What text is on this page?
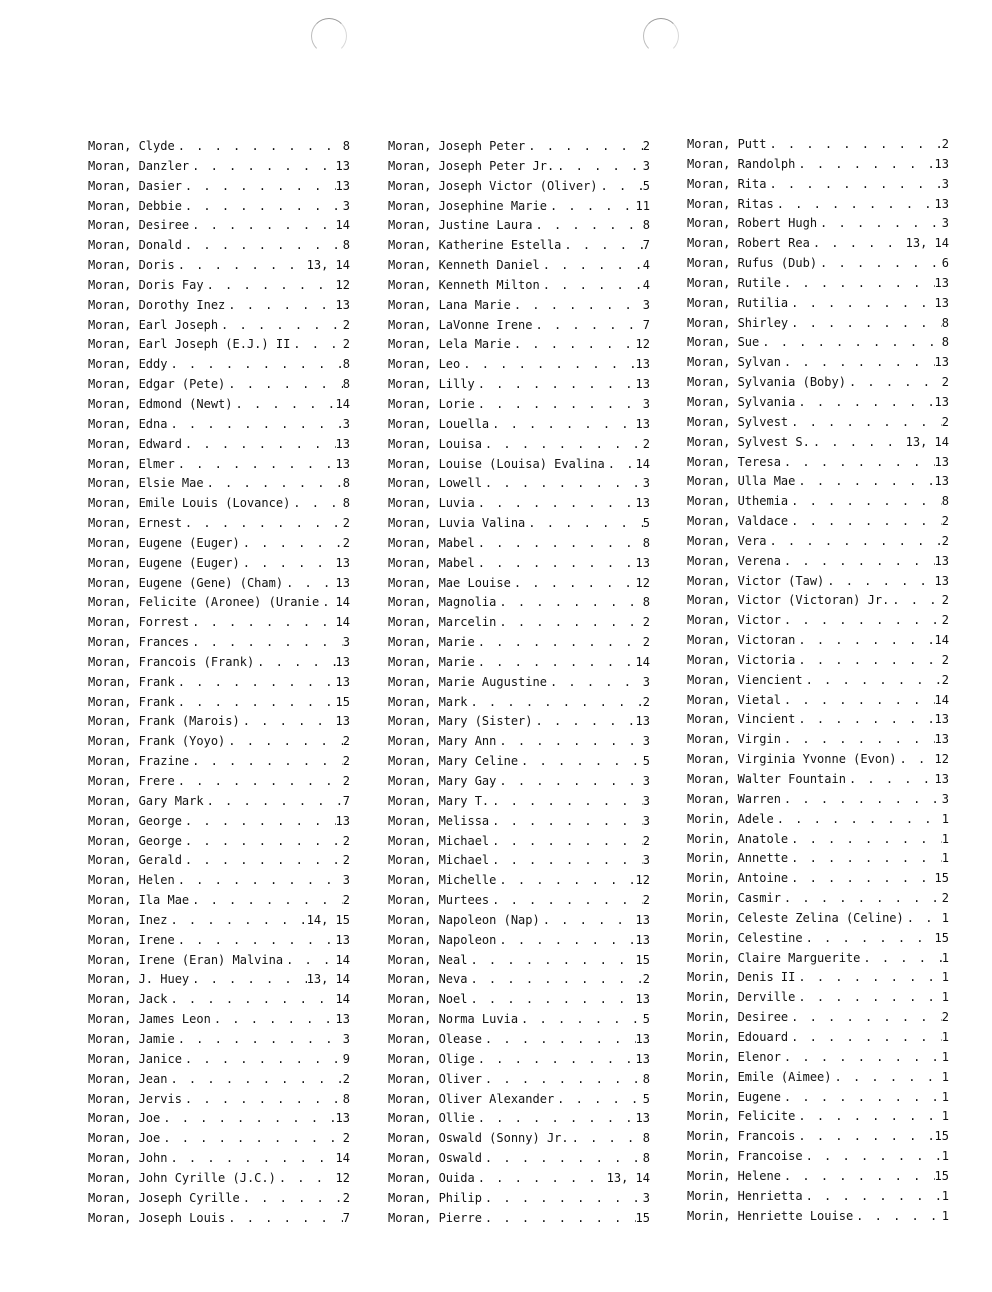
Moran, Clyde . . .	8
Moran, Danzler . . .	13
Moran, Dasier . . .	13
Moran, Debbie . . .	3
Moran, Desiree . . .	14
Moran, Donald . . .	8
Moran, Doris . . .	13, 14
Moran, Doris Fay . . .	12
Moran, Dorothy Inez . . .	13
Moran, Earl Joseph . . .	2
Moran, Earl Joseph (E.J.) II . . .	2
Moran, Eddy . . .	8
Moran, Edgar (Pete) . . .	8
Moran, Edmond (Newt) . . .	14
Moran, Edna . . .	3
Moran, Edward . . .	13
Moran, Elmer . . .	13
Moran, Elsie Mae . . .	8
Moran, Emile Louis (Lovance) . . .	8
Moran, Ernest . . .	2
Moran, Eugene (Euger) . . .	2
Moran, Eugene (Euger) . . .	13
Moran, Eugene (Gene) (Cham) . . .	13
Moran, Felicite (Aronee) (Uranie . . . 14
Moran, Forrest . . .	14
Moran, Frances . . .	3
Moran, Francois (Frank) . . .	13
Moran, Frank . . .	13
Moran, Frank . . .	15
Moran, Frank (Marois) . . .	13
Moran, Frank (Yoyo) . . .	2
Moran, Frazine . . .	2
Moran, Frere . . .	2
Moran, Gary Mark . . .	7
Moran, George . . .	13
Moran, George . . .	2
Moran, Gerald . . .	2
Moran, Helen . . .	3
Moran, Ila Mae . . .	2
Moran, Inez . . .	14, 15
Moran, Irene . . .	13
Moran, Irene (Eran) Malvina . . .	14
Moran, J. Huey . . .	13, 14
Moran, Jack . . .	14
Moran, James Leon . . .	13
Moran, Jamie . . .	3
Moran, Janice . . .	9
Moran, Jean . . .	2
Moran, Jervis . . .	8
Moran, Joe . . .	13
Moran, Joe . . .	2
Moran, John . . .	14
Moran, John Cyrille (J.C.) . . .	12
Moran, Joseph Cyrille . . .	2
Moran, Joseph Louis . . .	7
Moran, Joseph Peter . . .	2
Moran, Joseph Peter Jr. . . .	3
Moran, Joseph Victor (Oliver) . . .	5
Moran, Josephine Marie . . .	11
Moran, Justine Laura . . .	8
Moran, Katherine Estella . . .	7
Moran, Kenneth Daniel . . .	4
Moran, Kenneth Milton . . .	4
Moran, Lana Marie . . .	3
Moran, LaVonne Irene . . .	7
Moran, Lela Marie . . .	12
Moran, Leo . . .	13
Moran, Lilly . . .	13
Moran, Lorie . . .	3
Moran, Louella . . .	13
Moran, Louisa . . .	2
Moran, Louise (Louisa) Evalina . . .	14
Moran, Lowell . . .	3
Moran, Luvia . . .	13
Moran, Luvia Valina . . .	5
Moran, Mabel . . .	8
Moran, Mabel . . .	13
Moran, Mae Louise . . .	12
Moran, Magnolia . . .	8
Moran, Marcelin . . .	2
Moran, Marie . . .	2
Moran, Marie . . .	14
Moran, Marie Augustine . . .	3
Moran, Mark . . .	2
Moran, Mary (Sister) . . .	13
Moran, Mary Ann . . .	3
Moran, Mary Celine . . .	5
Moran, Mary Gay . . .	3
Moran, Mary T. . . .	3
Moran, Melissa . . .	3
Moran, Michael . . .	2
Moran, Michael . . .	3
Moran, Michelle . . .	12
Moran, Murtees . . .	2
Moran, Napoleon (Nap) . . .	13
Moran, Napoleon . . .	13
Moran, Neal . . .	15
Moran, Neva . . .	2
Moran, Noel . . .	13
Moran, Norma Luvia . . .	5
Moran, Olease . . .	13
Moran, Olige . . .	13
Moran, Oliver . . .	8
Moran, Oliver Alexander . . .	5
Moran, Ollie . . .	13
Moran, Oswald (Sonny) Jr. . . .	8
Moran, Oswald . . .	8
Moran, Ouida . . .	13, 14
Moran, Philip . . .	3
Moran, Pierre . . .	15
Moran, Putt . . .	2
Moran, Randolph . . .	13
Moran, Rita . . .	3
Moran, Ritas . . .	13
Moran, Robert Hugh . . .	3
Moran, Robert Rea . . .	13, 14
Moran, Rufus (Dub) . . .	6
Moran, Rutile . . .	13
Moran, Rutilia . . .	13
Moran, Shirley . . .	8
Moran, Sue . . .	8
Moran, Sylvan . . .	13
Moran, Sylvania (Boby) . . .	2
Moran, Sylvania . . .	13
Moran, Sylvest . . .	2
Moran, Sylvest S. . . .	13, 14
Moran, Teresa . . .	13
Moran, Ulla Mae . . .	13
Moran, Uthemia . . .	8
Moran, Valdace . . .	2
Moran, Vera . . .	2
Moran, Verena . . .	13
Moran, Victor (Taw) . . .	13
Moran, Victor (Victoran) Jr. . . .	2
Moran, Victor . . .	2
Moran, Victoran . . .	14
Moran, Victoria . . .	2
Moran, Viencient . . .	2
Moran, Vietal . . .	14
Moran, Vincient . . .	13
Moran, Virgin . . .	13
Moran, Virginia Yvonne (Evon) . . .	12
Moran, Walter Fountain . . .	13
Moran, Warren . . .	3
Morin, Adele . . .	1
Morin, Anatole . . .	1
Morin, Annette . . .	1
Morin, Antoine . . .	15
Morin, Casmir . . .	2
Morin, Celeste Zelina (Celine) . . .	1
Morin, Celestine . . .	15
Morin, Claire Marguerite . . .	1
Morin, Denis II . . .	1
Morin, Derville . . .	1
Morin, Desiree . . .	2
Morin, Edouard . . .	1
Morin, Elenor . . .	1
Morin, Emile (Aimee) . . .	1
Morin, Eugene . . .	1
Morin, Felicite . . .	1
Morin, Francois . . .	15
Morin, Francoise . . .	1
Morin, Helene . . .	15
Morin, Henrietta . . .	1
Morin, Henriette Louise . . .	1
